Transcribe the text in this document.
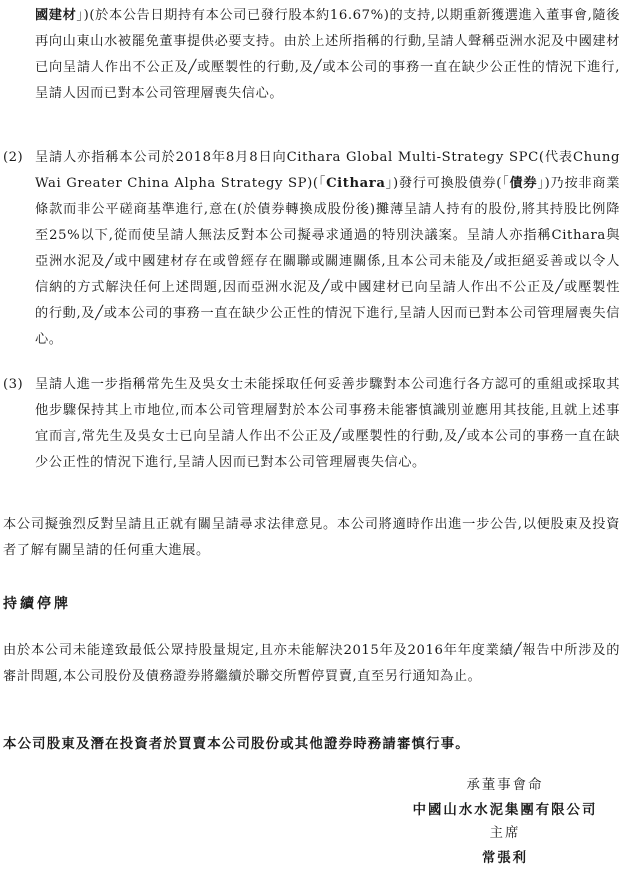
國建材」)(於本公告日期持有本公司已發行股本約16.67%)的支持,以期重新獲選進入董事會,隨後再向山東山水被罷免董事提供必要支持。由於上述所指稱的行動,呈請人聲稱亞洲水泥及中國建材已向呈請人作出不公正及╱或壓製性的行動,及╱或本公司的事務一直在缺少公正性的情況下進行,呈請人因而已對本公司管理層喪失信心。
(2) 呈請人亦指稱本公司於2018年8月8日向Cithara Global Multi-Strategy SPC(代表Chung Wai Greater China Alpha Strategy SP)(「Cithara」)發行可換股債券(「債券」)乃按非商業條款而非公平磋商基準進行,意在(於債券轉換成股份後)攤薄呈請人持有的股份,將其持股比例降至25%以下,從而使呈請人無法反對本公司擬尋求通過的特別決議案。呈請人亦指稱Cithara與亞洲水泥及╱或中國建材存在或曾經存在關聯或關連關係,且本公司未能及╱或拒絕妥善或以令人信納的方式解決任何上述問題,因而亞洲水泥及╱或中國建材已向呈請人作出不公正及╱或壓製性的行動,及╱或本公司的事務一直在缺少公正性的情況下進行,呈請人因而已對本公司管理層喪失信心。
(3) 呈請人進一步指稱常先生及吳女士未能採取任何妥善步驟對本公司進行各方認可的重組或採取其他步驟保持其上市地位,而本公司管理層對於本公司事務未能審慎識別並應用其技能,且就上述事宜而言,常先生及吳女士已向呈請人作出不公正及╱或壓製性的行動,及╱或本公司的事務一直在缺少公正性的情況下進行,呈請人因而已對本公司管理層喪失信心。
本公司擬強烈反對呈請且正就有關呈請尋求法律意見。本公司將適時作出進一步公告,以便股東及投資者了解有關呈請的任何重大進展。
持續停牌
由於本公司未能達致最低公眾持股量規定,且亦未能解決2015年及2016年年度業績╱報告中所涉及的審計問題,本公司股份及債務證券將繼續於聯交所暫停買賣,直至另行通知為止。
本公司股東及潛在投資者於買賣本公司股份或其他證券時務請審慎行事。
承董事會命
中國山水水泥集團有限公司
主席
常張利
